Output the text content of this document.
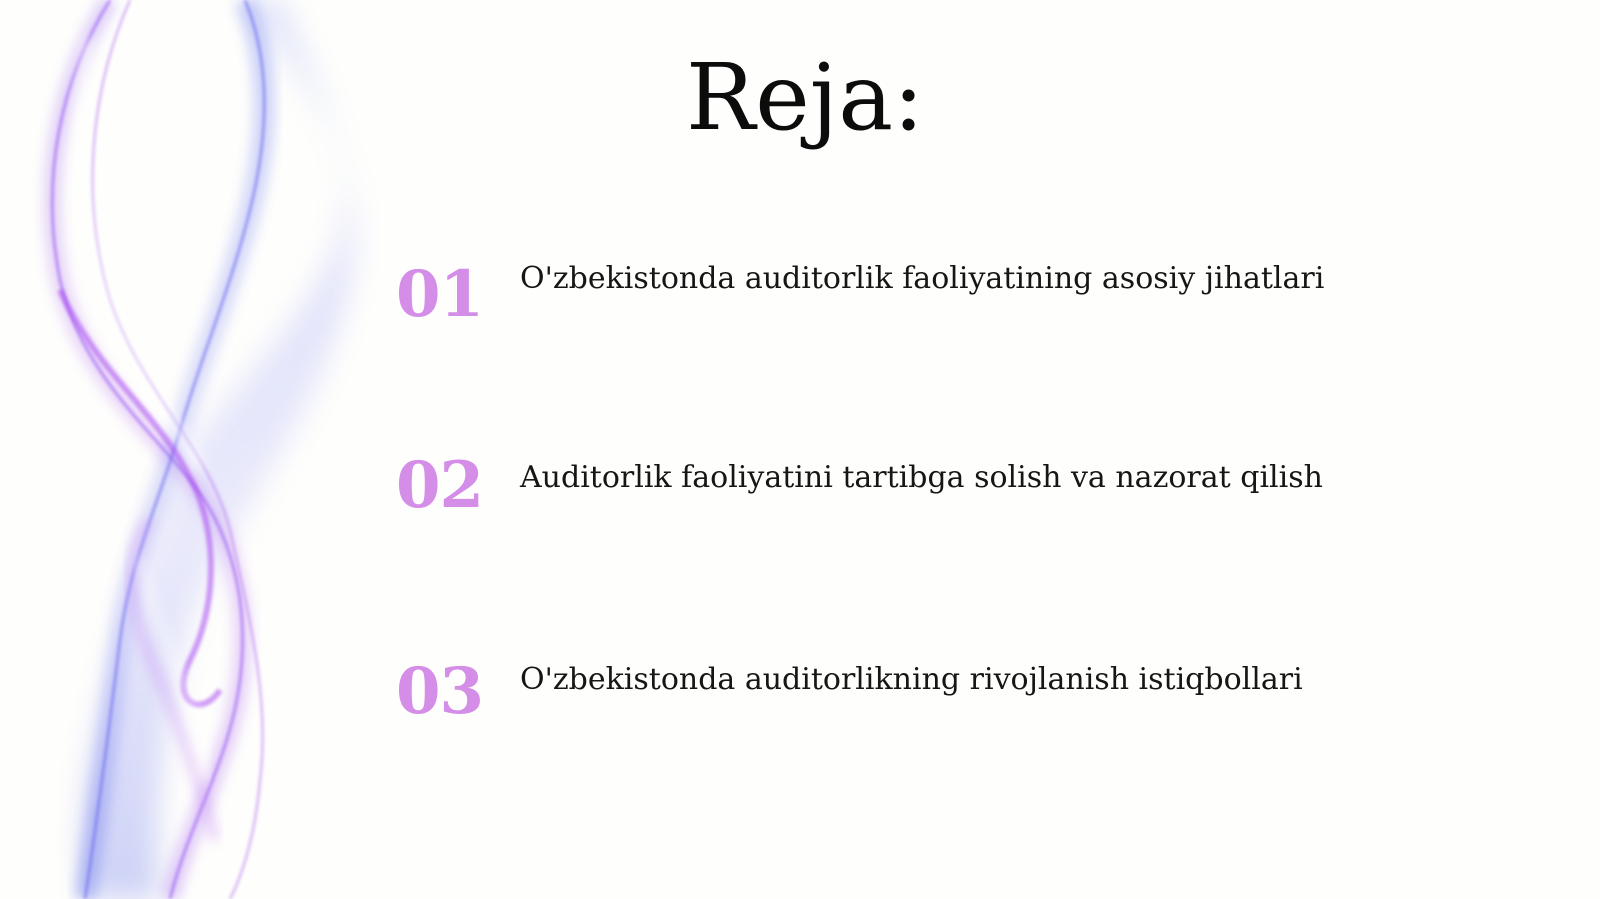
Reja:
01 O'zbekistonda auditorlik faoliyatining asosiy jihatlari
02 Auditorlik faoliyatini tartibga solish va nazorat qilish
03 O'zbekistonda auditorlikning rivojlanish istiqbollari
